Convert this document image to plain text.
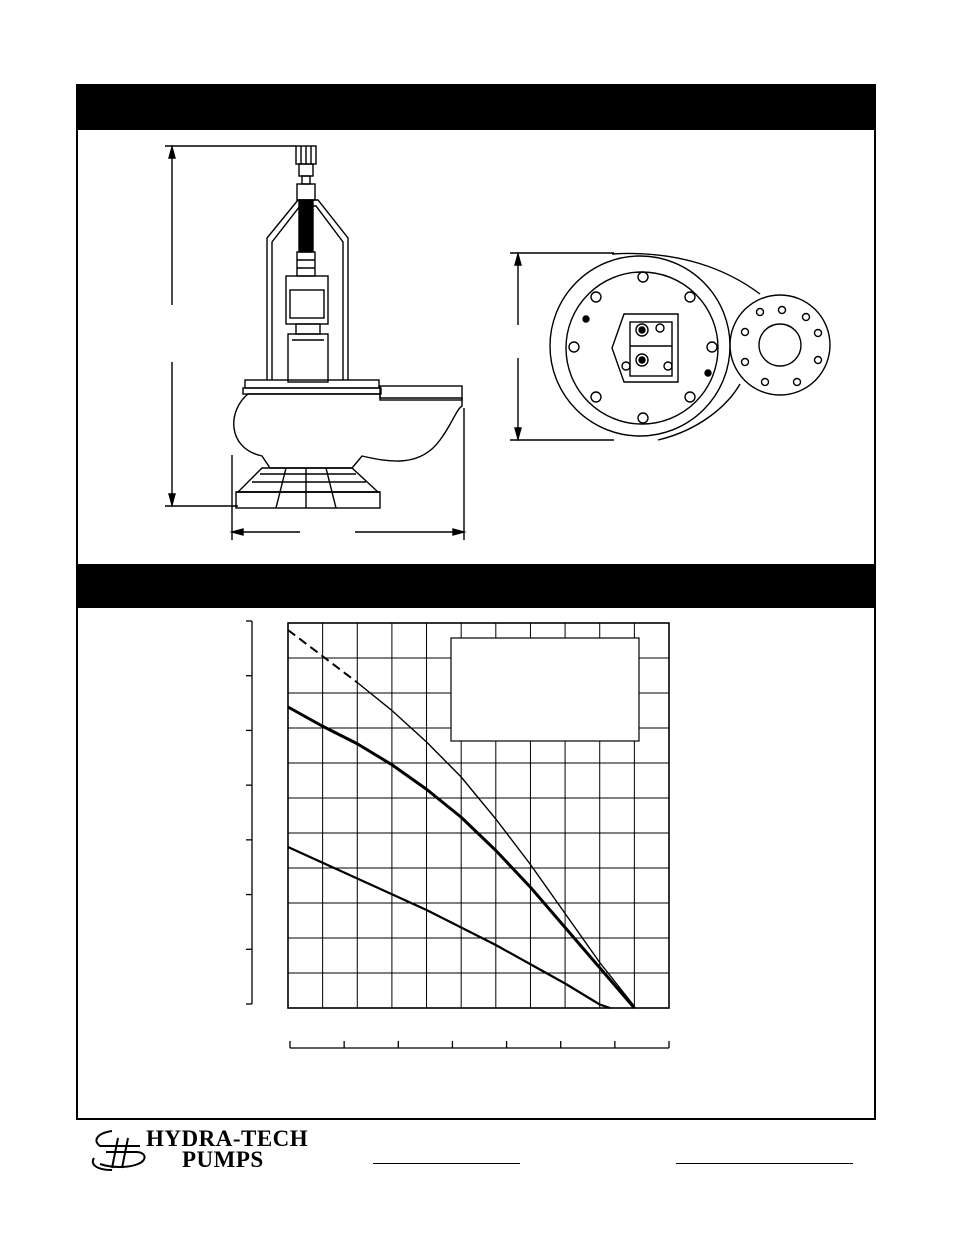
HYDRA-TECH
PUMPS
